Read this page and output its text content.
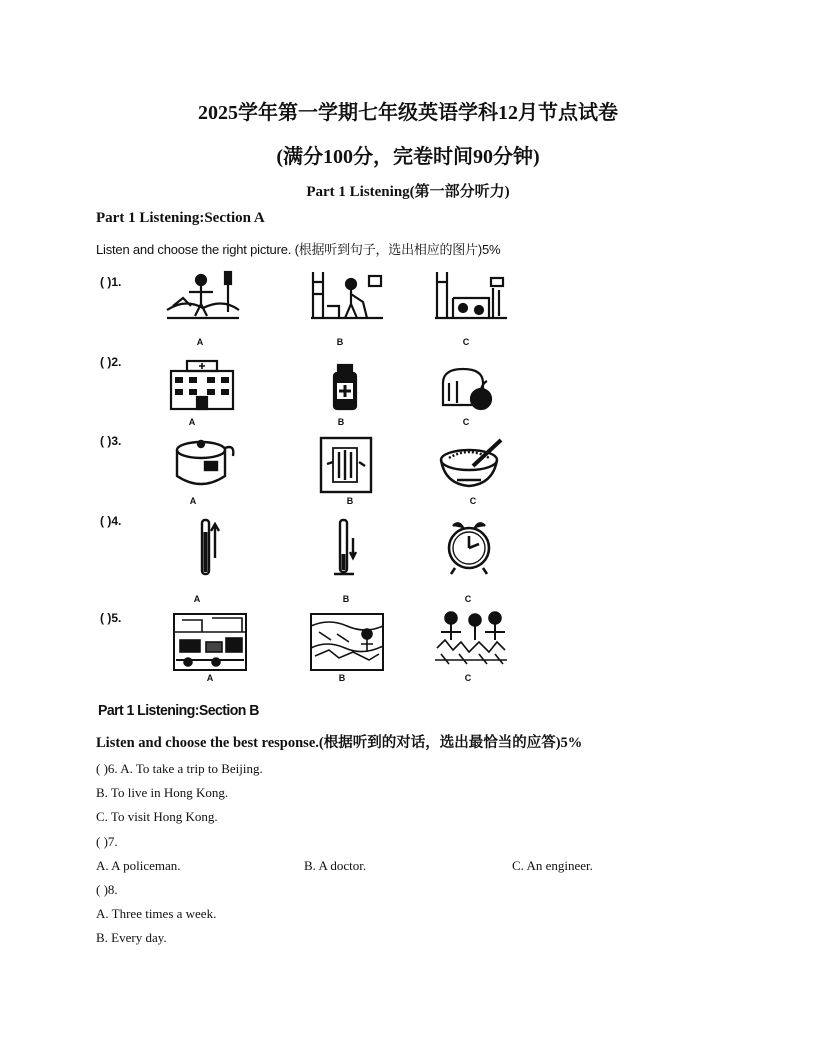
2025学年第一学期七年级英语学科12月节点试卷
(满分100分，完卷时间90分钟)
Part 1 Listening(第一部分听力)
Part 1 Listening:Section A
Listen and choose the right picture. (根据听到句子，选出相应的图片)5%
( )1.
A	B	C
( )2.
A	B	C
( )3.
A	B	C
( )4.
A	B	C
( )5.
A	B	C
Part 1 Listening:Section B
Listen and choose the best response.(根据听到的对话，选出最恰当的应答)5%
( )6. A. To take a trip to Beijing.
B. To live in Hong Kong.
C. To visit Hong Kong.
( )7.
A. A policeman.	B. A doctor.	C. An engineer.
( )8.
A. Three times a week.
B. Every day.
